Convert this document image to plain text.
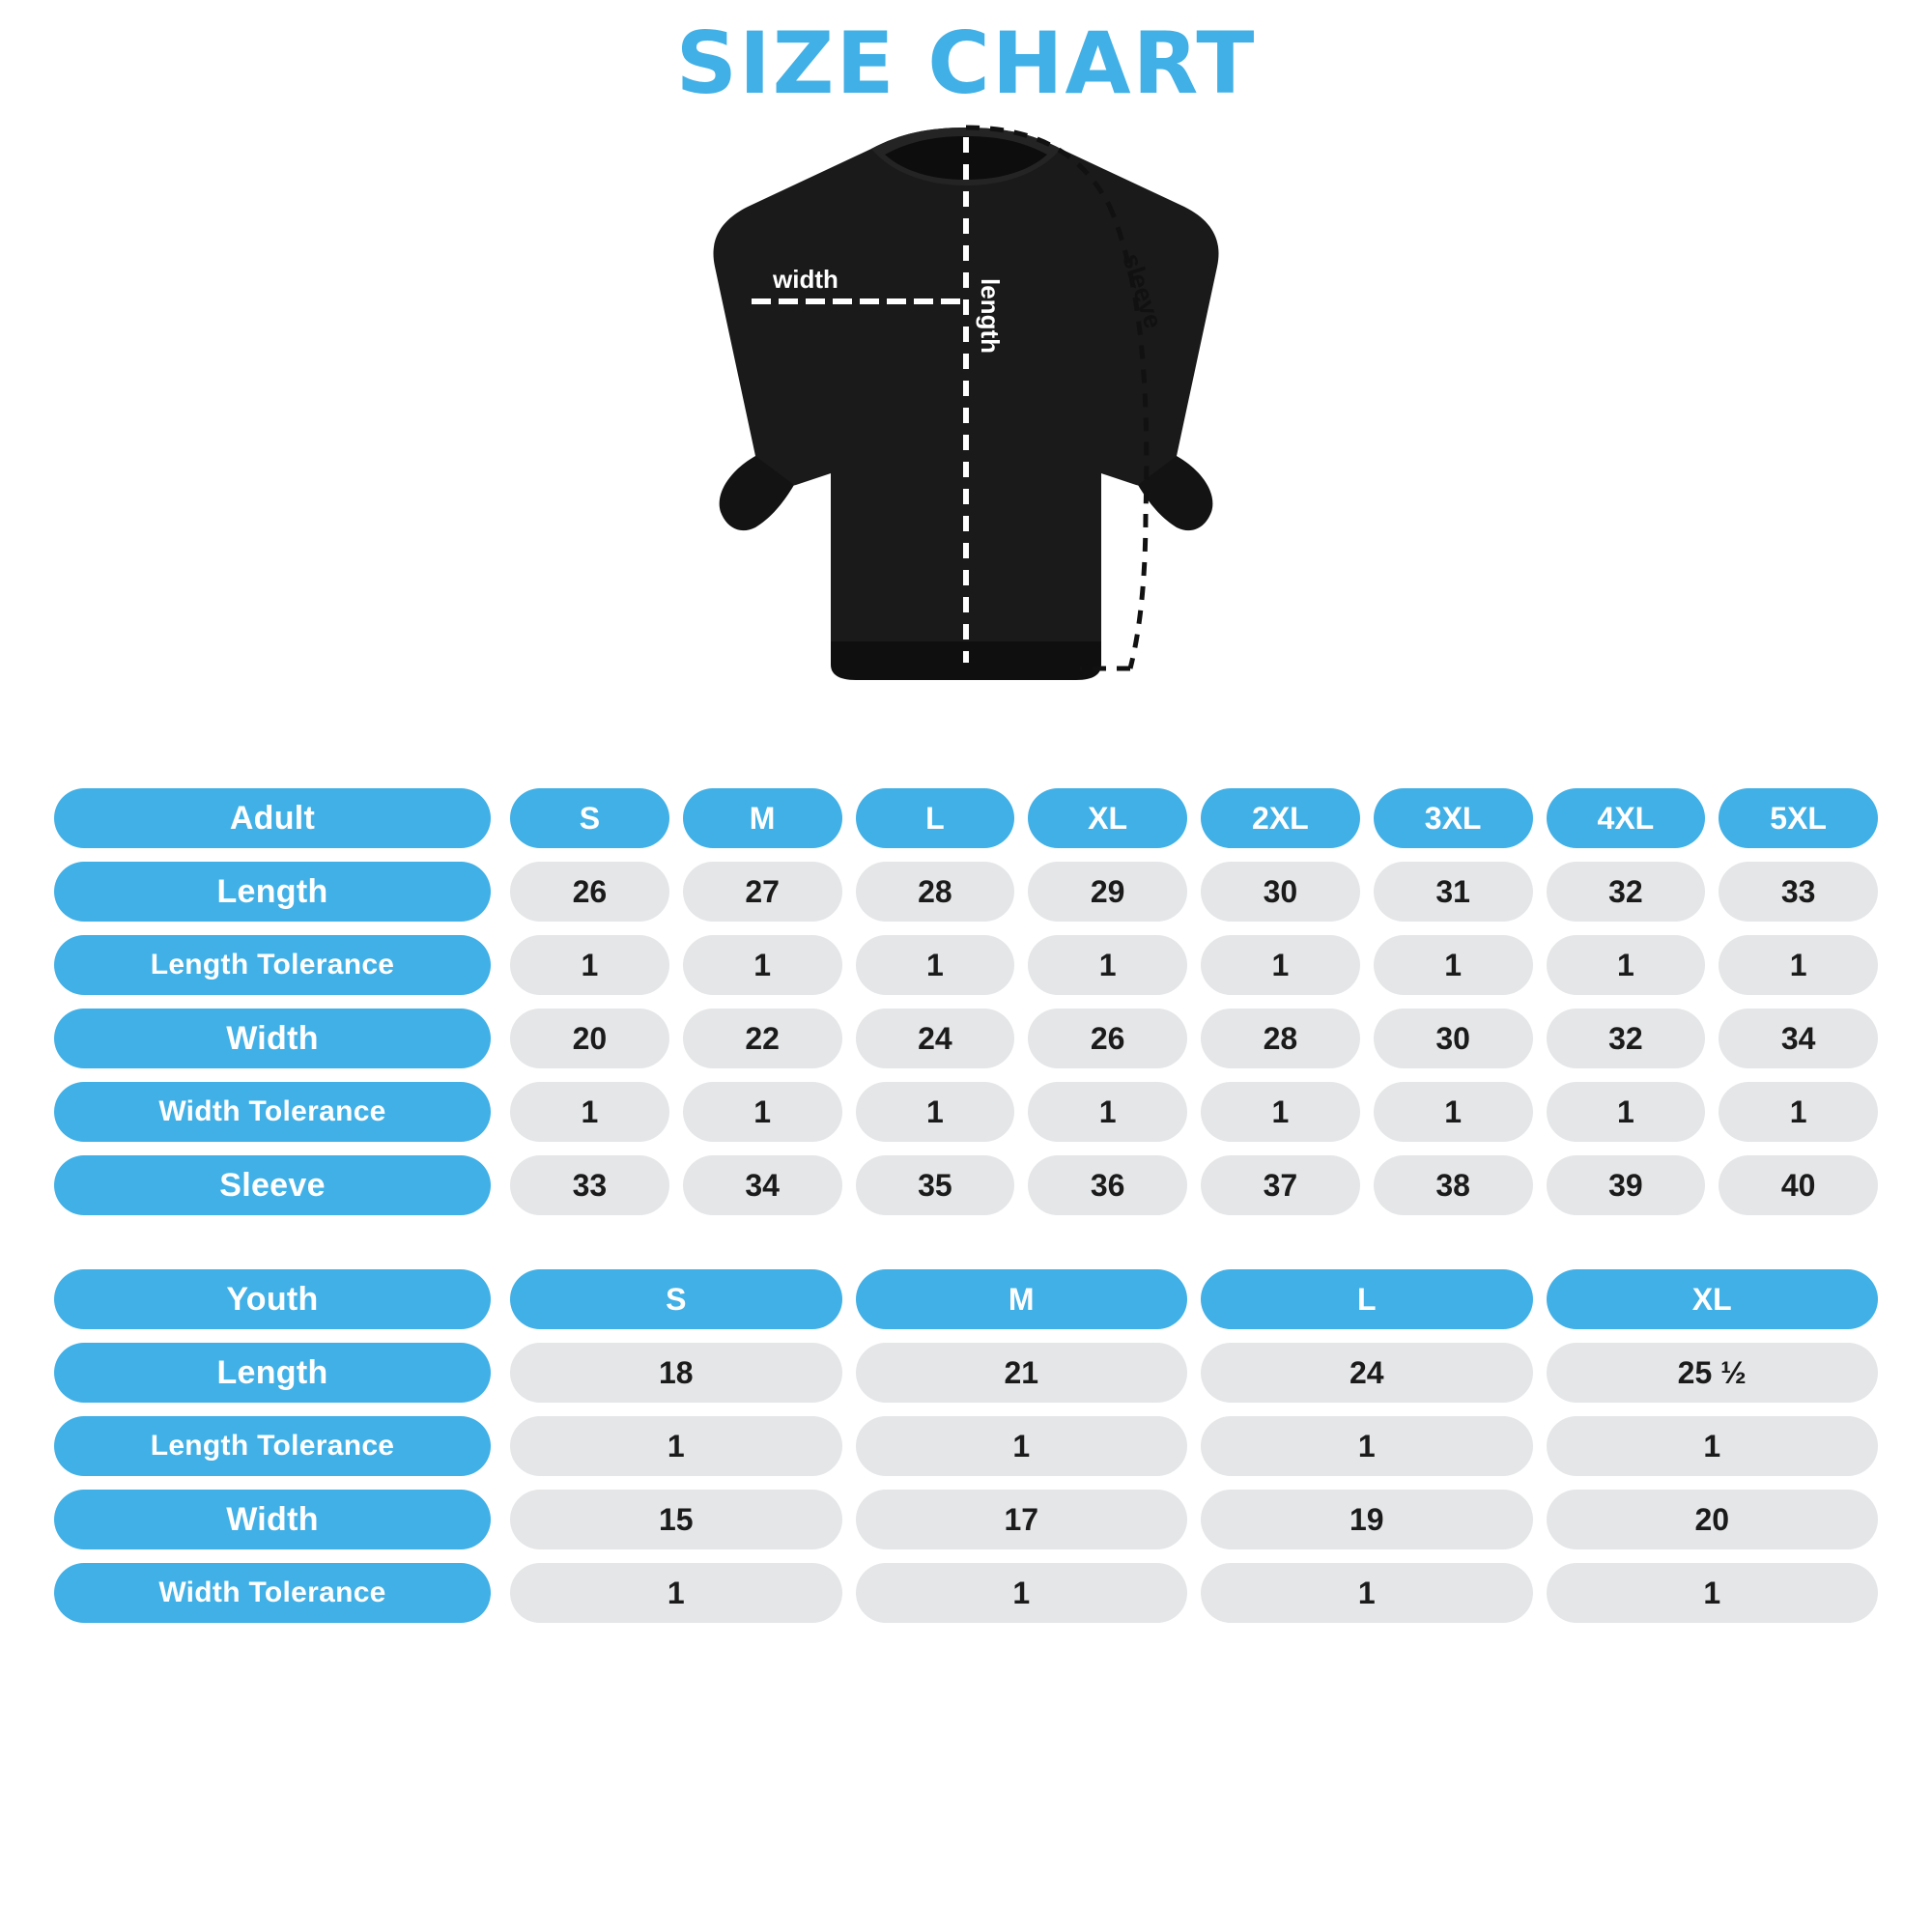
SIZE CHART
length
width	sleeve
Adult	S	M	L	XL	2XL	3XL	4XL	5XL
Length	26	27	28	29	30	31	32	33
Length Tolerance	1	1	1	1	1	1	1	1
Width	20	22	24	26	28	30	32	34
Width Tolerance	1	1	1	1	1	1	1	1
Sleeve	33	34	35	36	37	38	39	40
Youth	S	M	L	XL
Length	18	21	24	25 ½
Length Tolerance	1	1	1	1
Width	15	17	19	20
Width Tolerance	1	1	1	1
